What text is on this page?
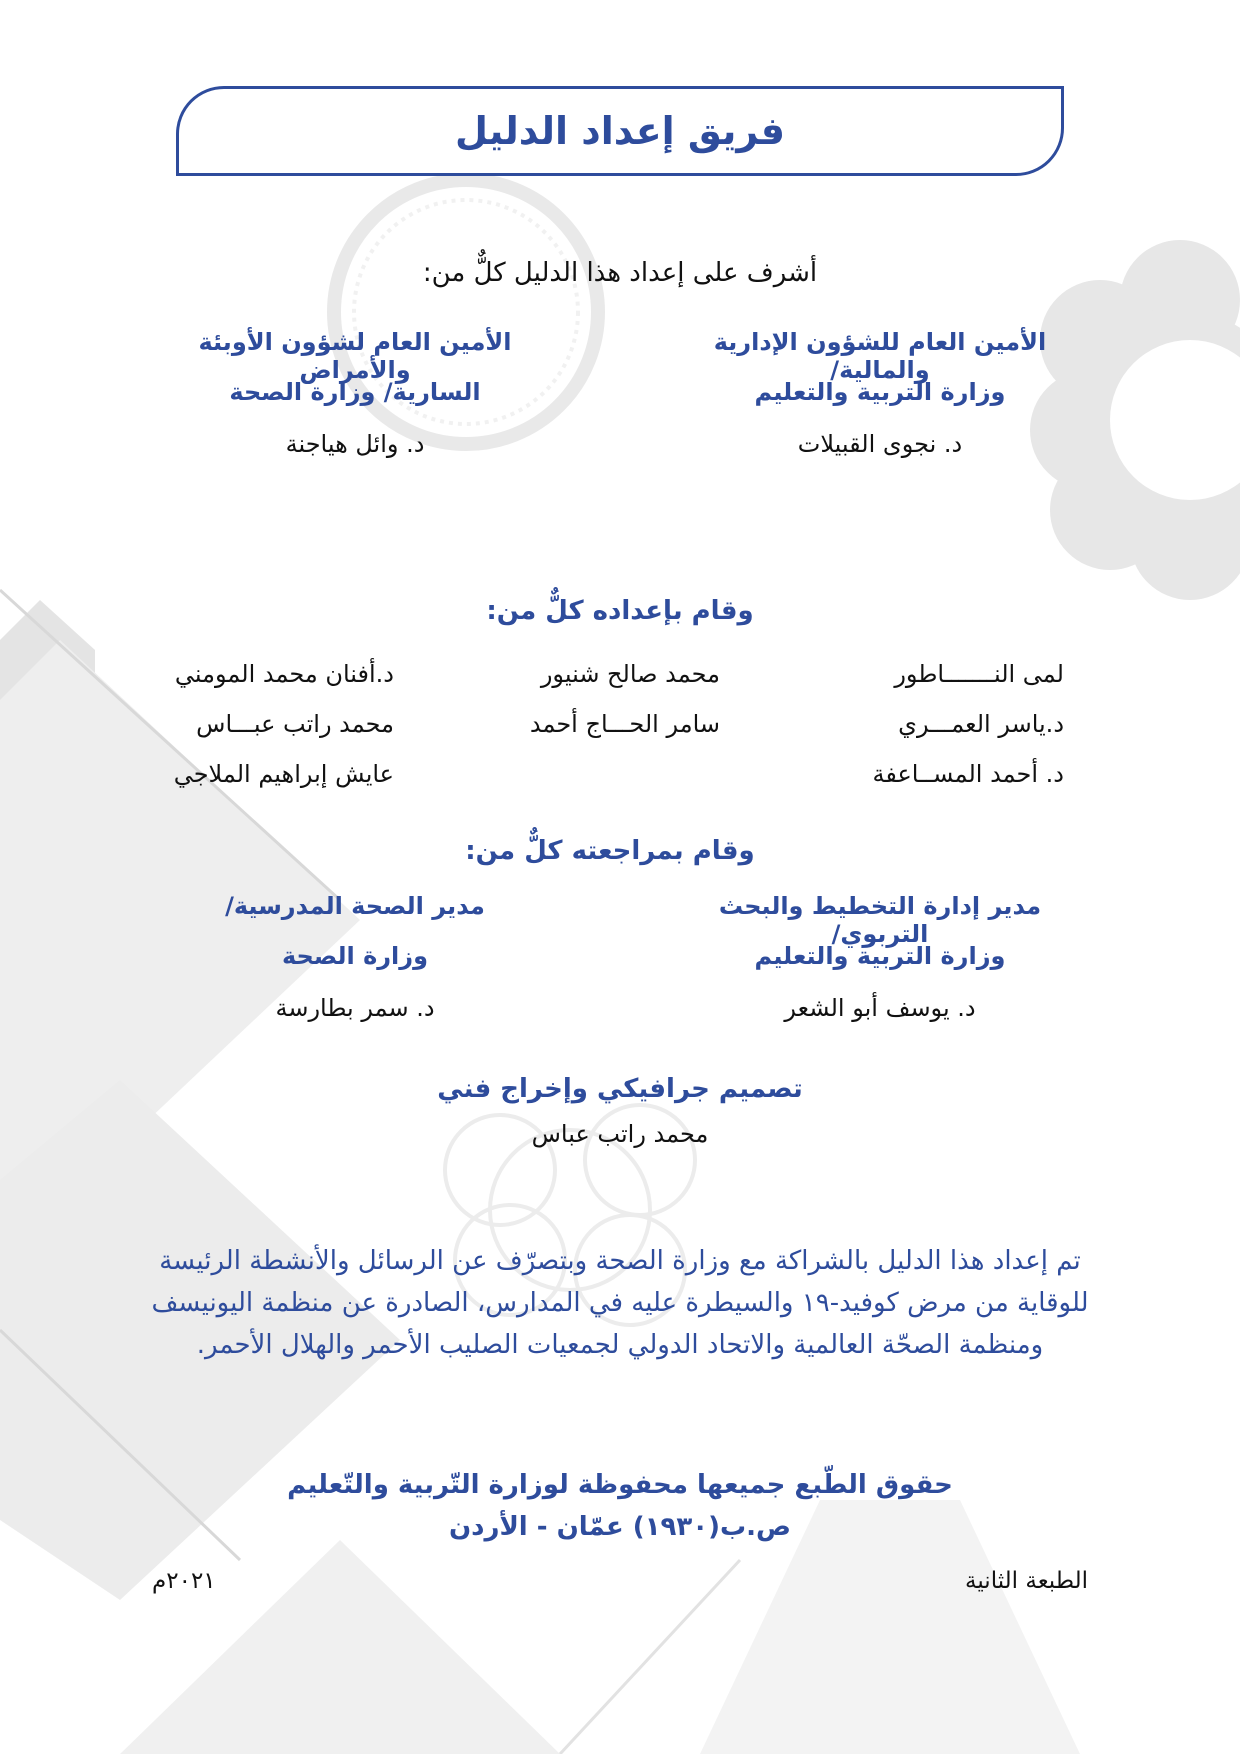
فريق إعداد الدليل
أشرف على إعداد هذا الدليل كلٌّ من:
الأمين العام للشؤون الإدارية والمالية/
وزارة التربية والتعليم
د. نجوى القبيلات
الأمين العام لشؤون الأوبئة والأمراض
السارية/ وزارة الصحة
د. وائل هياجنة
وقام بإعداده كلٌّ من:
لمى النـــــــاطور
د.ياسر العمـــري
د. أحمد المســاعفة
محمد صالح شنيور
سامر الحـــاج أحمد
د.أفنان محمد المومني
محمد راتب عبـــاس
عايش إبراهيم الملاجي
وقام بمراجعته كلٌّ من:
مدير إدارة التخطيط والبحث التربوي/
وزارة التربية والتعليم
د. يوسف أبو الشعر
مدير الصحة المدرسية/
وزارة الصحة
د. سمر بطارسة
تصميم جرافيكي وإخراج فني
محمد راتب عباس
تم إعداد هذا الدليل بالشراكة مع وزارة الصحة وبتصرّف عن الرسائل والأنشطة الرئيسة
للوقاية من مرض كوفيد-١٩ والسيطرة عليه في المدارس، الصادرة عن منظمة اليونيسف
ومنظمة الصحّة العالمية والاتحاد الدولي لجمعيات الصليب الأحمر والهلال الأحمر.
حقوق الطّبع جميعها محفوظة لوزارة التّربية والتّعليم
ص.ب(١٩٣٠) عمّان - الأردن
الطبعة الثانية
٢٠٢١م
